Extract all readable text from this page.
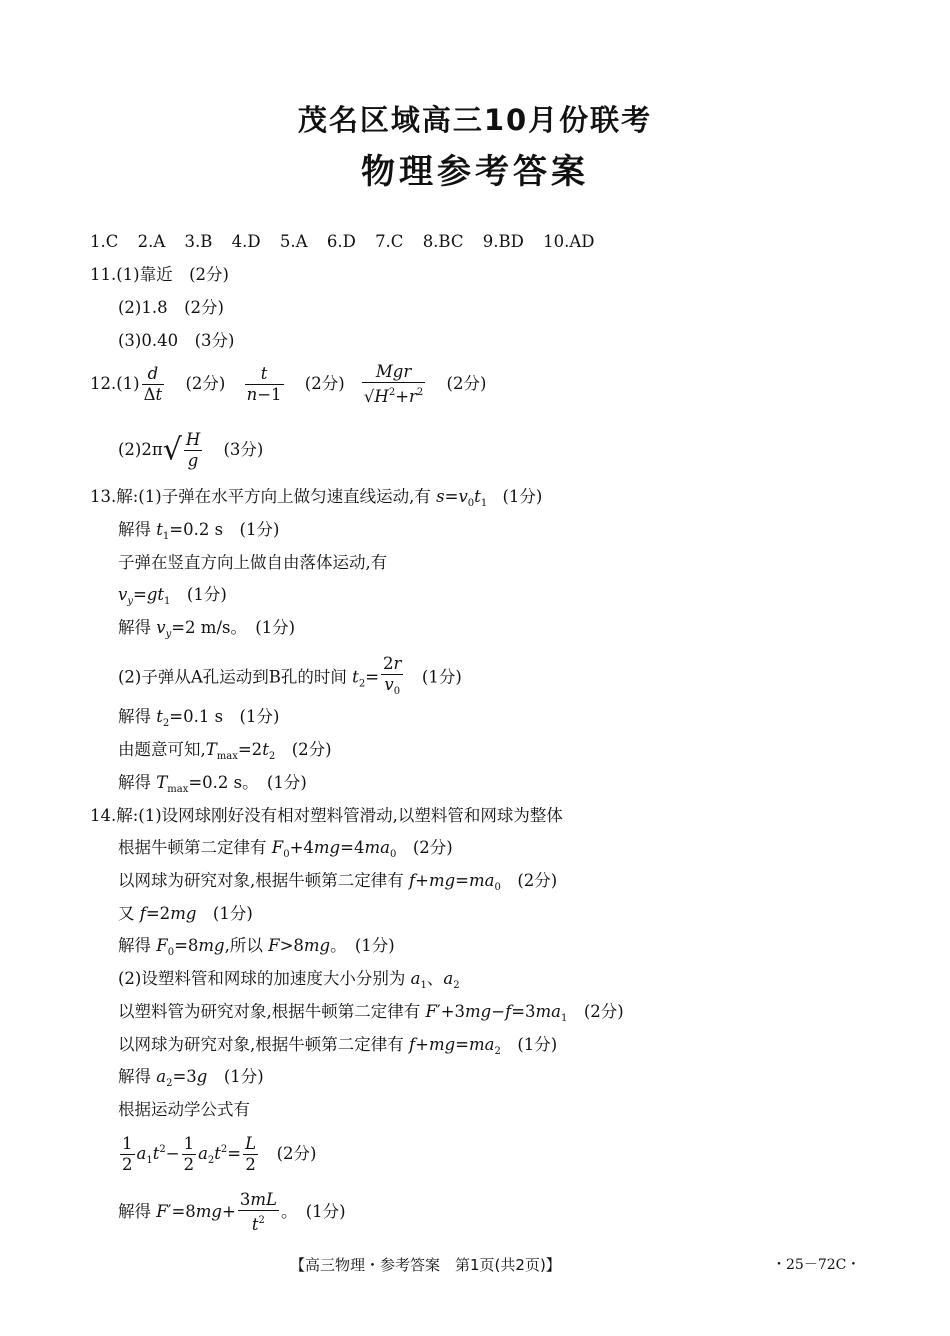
茂名区域高三10月份联考
物理参考答案
1.C 2.A 3.B 4.D 5.A 6.D 7.C 8.BC 9.BD 10.AD
11.(1)靠近　(2分)
(2)1.8　(2分)
(3)0.40　(3分)
$12.(1) \frac{d}{\Delta t} (2$分) $\frac{t}{n-1} (2$分) $\frac{\text{Mgr}}{√H^2+r^2} (2$分)
$(2)2\pi√ \frac{H}{g} (3$分)
13.解:(1)子弹在水平方向上做匀速直线运动,有 $s=v_0t_1$ (1分)
解得 $t_1=0.2$ s　(1分)
子弹在竖直方向上做自由落体运动,有
$v_y=gt_1$　 (1分)
解得 $v_y=2$ m/s。　(1分)
(2)子弹从A孔运动到B孔的时间 $t_2= \frac{2r}{v_0}$
　 (1分)
解得 $t_2=0.1$ s　(1分)
由题意可知$,T_{max}=2t_2$　 (2分)
解得 $T_{max}=0.2$ s。　(1分)
14.解:(1)设网球刚好没有相对塑料管滑动,以塑料管和网球为整体
根据牛顿第二定律有 $F_0+4mg=4ma_0$　 (2分)
以网球为研究对象,根据牛顿第二定律有 $f+mg=ma_0$　 (2分)
又 f=2mg　 (1分)
解得 $F_0=8mg$,所以 F>8mg。　(1分)
(2)设塑料管和网球的加速度大小分别为 $a_1$、$a_2$
以塑料管为研究对象,根据牛顿第二定律有 $F'+3mg-f=3ma_1$　 (2分)
以网球为研究对象,根据牛顿第二定律有 $f+mg=ma_2$　 (1分)
解得 $a_2=3g$　 (1分)
根据运动学公式有
$\frac{1}{2} a_1t^2- \frac{1}{2} a_2t^2= \frac{L}{2}$
　 (2分)
解得 $F'=8mg+ \frac{3mL}{t^2}$ 。　(1分)
【高三物理・参考答案　第1页(共2页)】	・25－72C・
